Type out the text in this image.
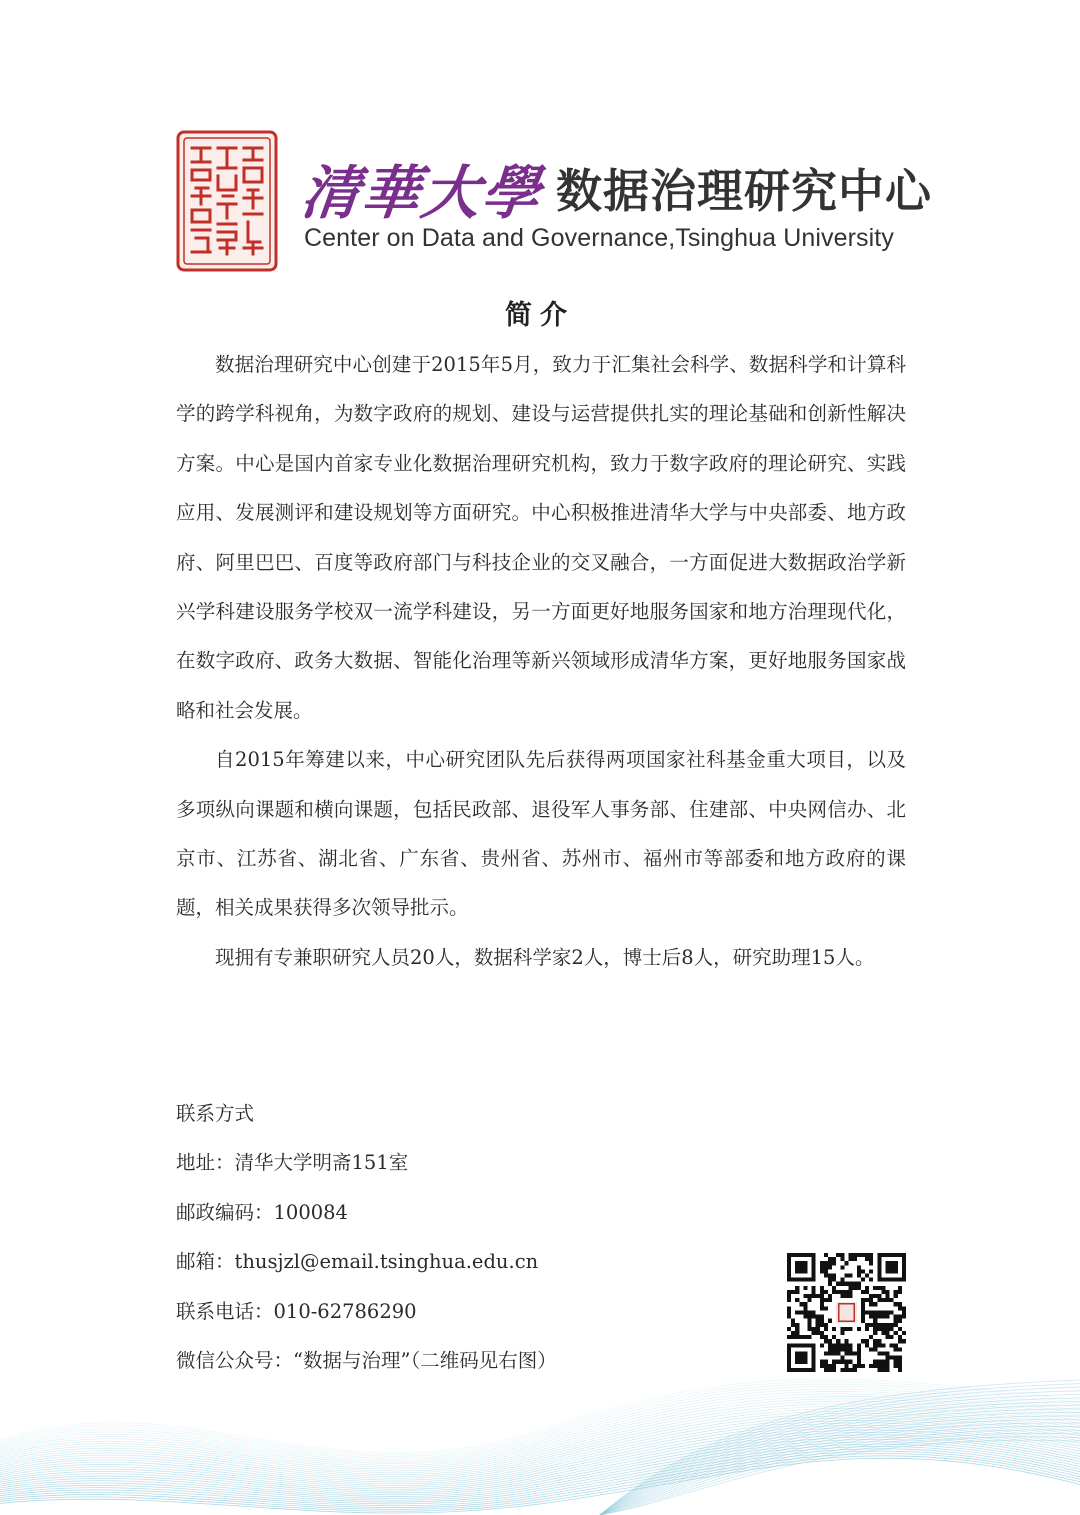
清華大學 数据治理研究中心
Center on Data and Governance,Tsinghua University
简介

数据治理研究中心创建于2015年5月，致力于汇集社会科学、数据科学和计算科学的跨学科视角，为数字政府的规划、建设与运营提供扎实的理论基础和创新性解决方案。中心是国内首家专业化数据治理研究机构，致力于数字政府的理论研究、实践应用、发展测评和建设规划等方面研究。中心积极推进清华大学与中央部委、地方政府、阿里巴巴、百度等政府部门与科技企业的交叉融合，一方面促进大数据政治学新兴学科建设服务学校双一流学科建设，另一方面更好地服务国家和地方治理现代化，在数字政府、政务大数据、智能化治理等新兴领域形成清华方案，更好地服务国家战略和社会发展。

自2015年筹建以来，中心研究团队先后获得两项国家社科基金重大项目，以及多项纵向课题和横向课题，包括民政部、退役军人事务部、住建部、中央网信办、北京市、江苏省、湖北省、广东省、贵州省、苏州市、福州市等部委和地方政府的课题，相关成果获得多次领导批示。

现拥有专兼职研究人员20人，数据科学家2人，博士后8人，研究助理15人。

联系方式
地址：清华大学明斋151室
邮政编码：100084
邮箱：thusjzl@email.tsinghua.edu.cn
联系电话：010-62786290
微信公众号：“数据与治理”（二维码见右图）
